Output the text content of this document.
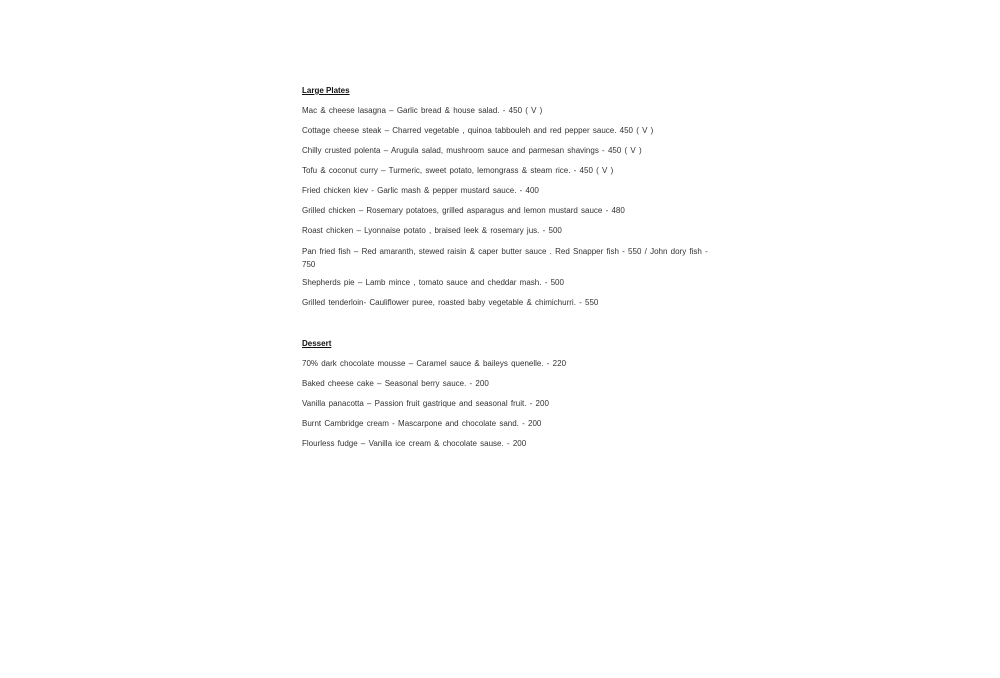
Large Plates
Mac & cheese lasagna – Garlic bread & house salad. - 450 ( V )
Cottage cheese steak – Charred vegetable , quinoa tabbouleh and red pepper sauce. 450 ( V )
Chilly crusted polenta – Arugula salad, mushroom sauce and parmesan shavings - 450 ( V )
Tofu & coconut curry – Turmeric, sweet potato, lemongrass & steam rice. - 450 ( V )
Fried chicken kiev - Garlic mash & pepper mustard sauce. - 400
Grilled chicken – Rosemary potatoes, grilled asparagus and lemon mustard sauce - 480
Roast chicken – Lyonnaise potato , braised leek & rosemary jus. - 500
Pan fried fish – Red amaranth, stewed raisin & caper butter sauce . Red Snapper fish - 550 / John dory fish - 750
Shepherds pie – Lamb mince , tomato sauce and cheddar mash. - 500
Grilled tenderloin- Cauliflower puree, roasted baby vegetable & chimichurri. - 550
Dessert
70% dark chocolate mousse – Caramel sauce & baileys quenelle. - 220
Baked cheese cake – Seasonal berry sauce. - 200
Vanilla panacotta – Passion fruit gastrique and seasonal fruit. - 200
Burnt Cambridge cream - Mascarpone and chocolate sand. - 200
Flourless fudge – Vanilla ice cream & chocolate sause. - 200
